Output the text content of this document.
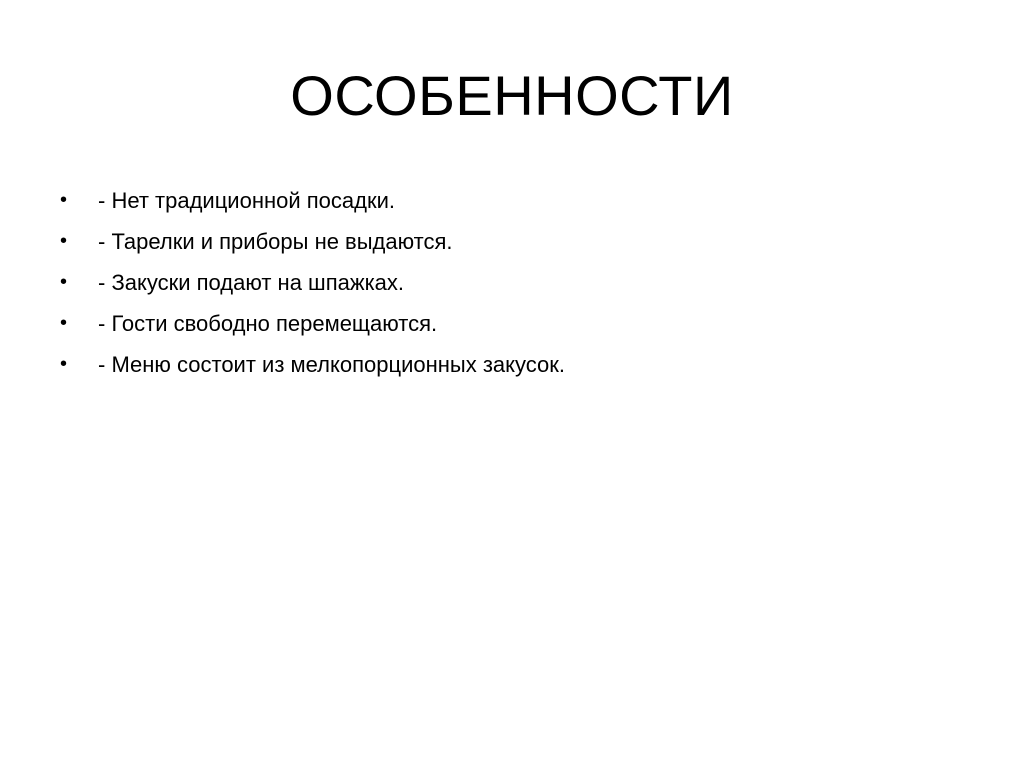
ОСОБЕННОСТИ
•	- Нет традиционной посадки.
•	- Тарелки и приборы не выдаются.
•	- Закуски подают на шпажках.
•	- Гости свободно перемещаются.
•	- Меню состоит из мелкопорционных закусок.
